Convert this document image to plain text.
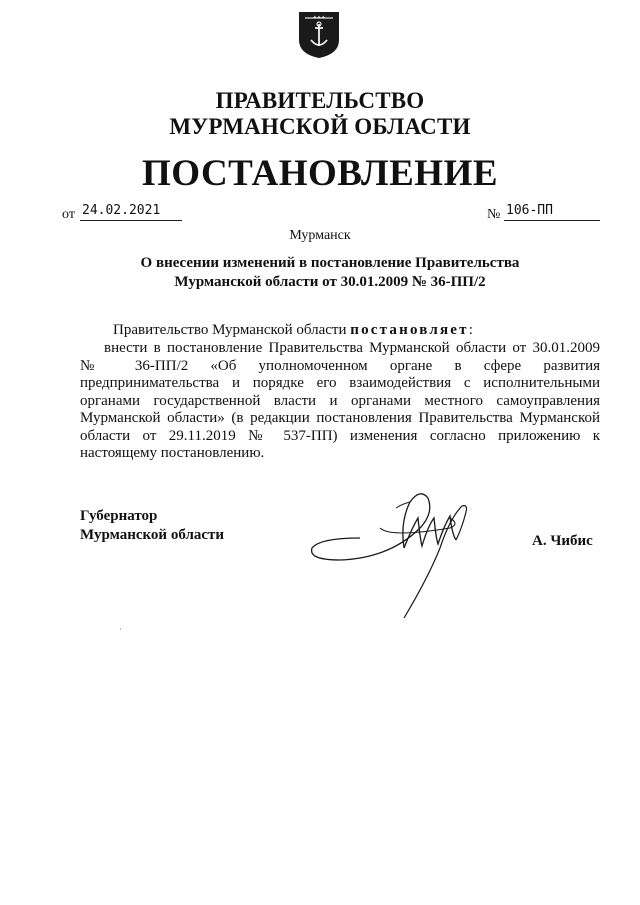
✦✦✦
ПРАВИТЕЛЬСТВО
МУРМАНСКОЙ ОБЛАСТИ
ПОСТАНОВЛЕНИЕ
от 24.02.2021	№ 106-ПП
Мурманск
О внесении изменений в постановление Правительства
Мурманской области от 30.01.2009 № 36-ПП/2
Правительство Мурманской области постановляет:
внести в постановление Правительства Мурманской области от 30.01.2009
№ 36-ПП/2 «Об уполномоченном органе в сфере развития
предпринимательства и порядке его взаимодействия с исполнительными
органами государственной власти и органами местного самоуправления
Мурманской области» (в редакции постановления Правительства Мурманской
области от 29.11.2019 № 537-ПП) изменения согласно приложению к
настоящему постановлению.
Губернатор
Мурманской области	А. Чибис
